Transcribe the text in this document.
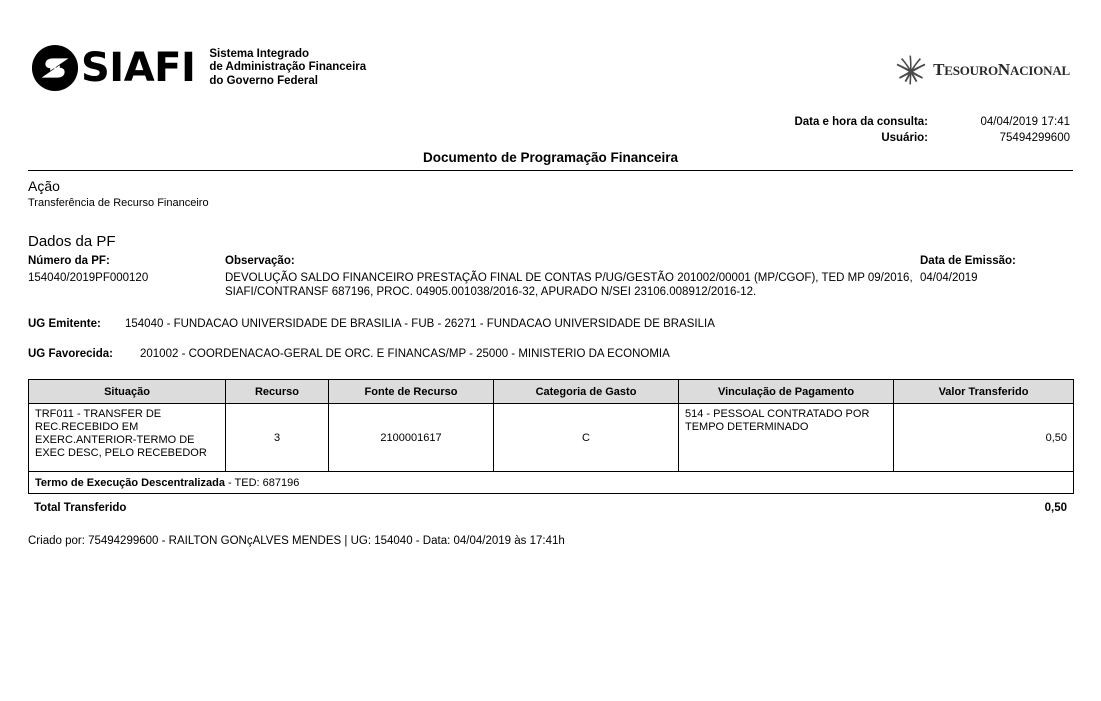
SIAFI Sistema Integrado
de Administração Financeira
do Governo Federal
TESOURONACIONAL
Data e hora da consulta:	04/04/2019 17:41
Usuário:	75494299600
Documento de Programação Financeira
Ação
Transferência de Recurso Financeiro
Dados da PF
Número da PF:
154040/2019PF000120
Observação:
DEVOLUÇÃO SALDO FINANCEIRO PRESTAÇÃO FINAL DE CONTAS P/UG/GESTÃO 201002/00001 (MP/CGOF), TED MP 09/2016, SIAFI/CONTRANSF 687196, PROC. 04905.001038/2016-32, APURADO N/SEI 23106.008912/2016-12.
Data de Emissão:
04/04/2019
UG Emitente: 154040 - FUNDACAO UNIVERSIDADE DE BRASILIA - FUB - 26271 - FUNDACAO UNIVERSIDADE DE BRASILIA
UG Favorecida: 201002 - COORDENACAO-GERAL DE ORC. E FINANCAS/MP - 25000 - MINISTERIO DA ECONOMIA
Situação	Recurso	Fonte de Recurso	Categoria de Gasto	Vinculação de Pagamento	Valor Transferido
TRF011 - TRANSFER DE REC.RECEBIDO EM EXERC.ANTERIOR-TERMO DE EXEC DESC, PELO RECEBEDOR	3	2100001617	C	514 - PESSOAL CONTRATADO POR TEMPO DETERMINADO	0,50
Termo de Execução Descentralizada - TED: 687196					
Total Transferido	0,50
Criado por: 75494299600 - RAILTON GONçALVES MENDES | UG: 154040 - Data: 04/04/2019 às 17:41h
